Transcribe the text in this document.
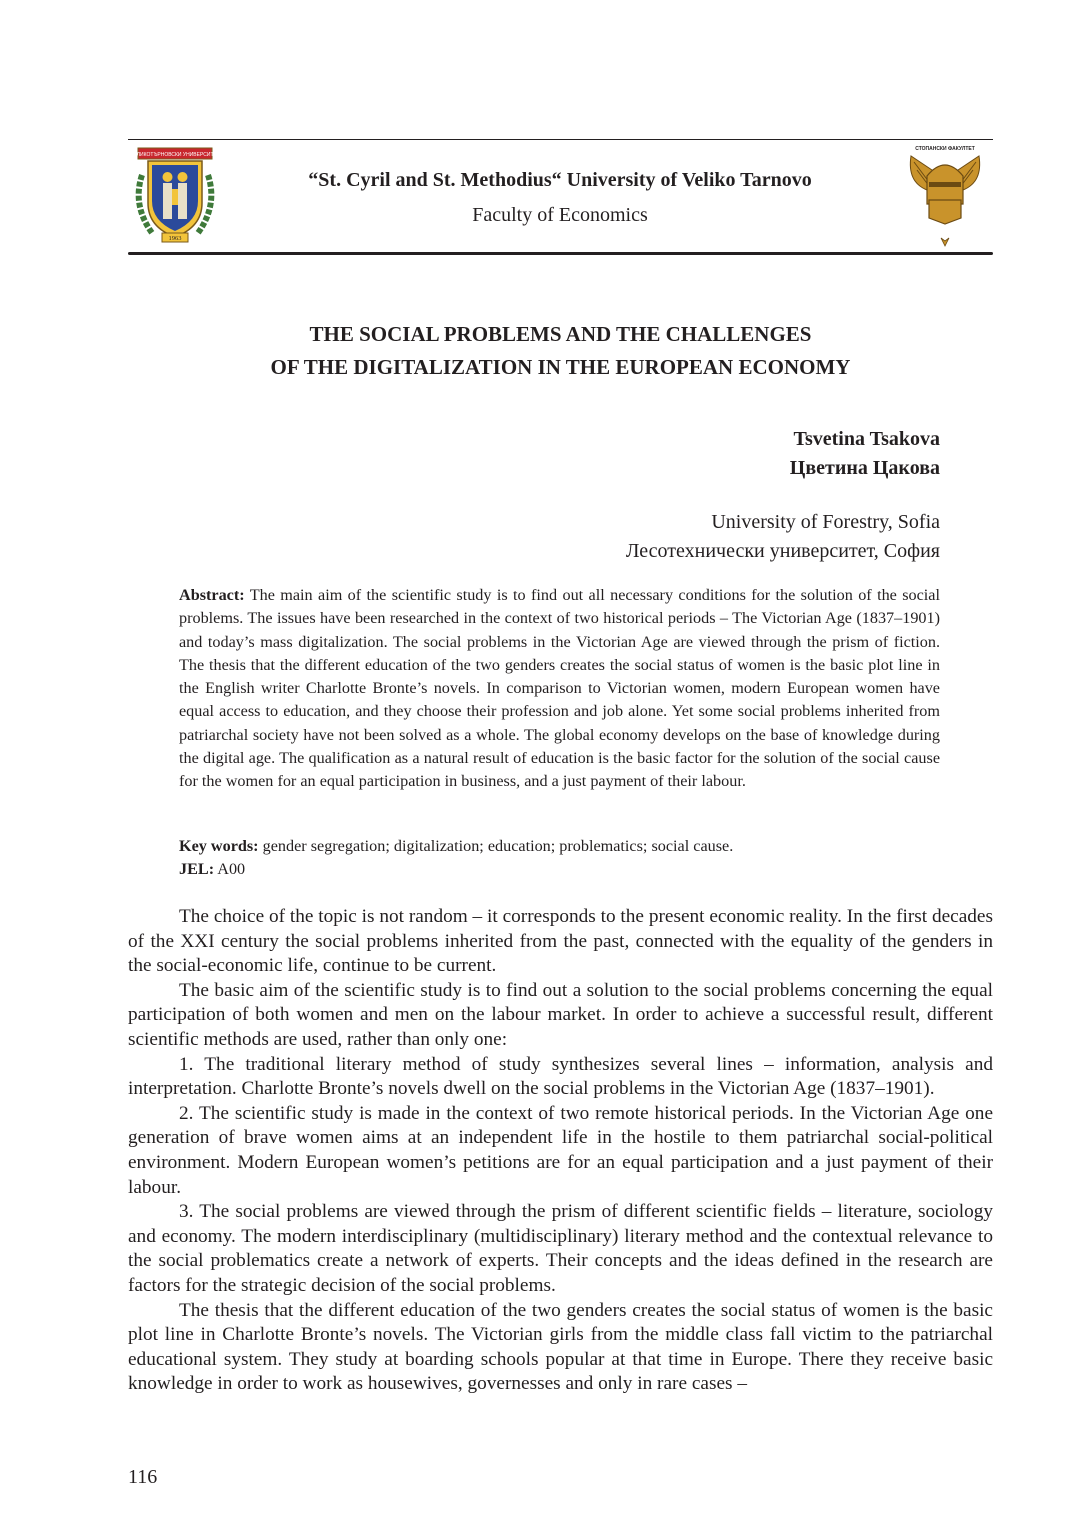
ВЕЛИКОТЪРНОВСКИ УНИВЕРСИТЕТ
1963
“St. Cyril and St. Methodius“ University of Veliko Tarnovo
Faculty of Economics
СТОПАНСКИ ФАКУЛТЕТ
THE SOCIAL PROBLEMS AND THE CHALLENGES
OF THE DIGITALIZATION IN THE EUROPEAN ECONOMY
Tsvetina Tsakova
Цветина Цакова
University of Forestry, Sofia
Лесотехнически университет, София

Abstract: The main aim of the scientific study is to find out all necessary conditions for the solution of the social problems. The issues have been researched in the context of two historical periods – The Victorian Age (1837–1901) and today’s mass digitalization. The social problems in the Victorian Age are viewed through the prism of fiction. The thesis that the different education of the two genders creates the social status of women is the basic plot line in the English writer Charlotte Bronte’s novels. In comparison to Victorian women, modern European women have equal access to education, and they choose their profession and job alone. Yet some social problems inherited from patriarchal society have not been solved as a whole. The global economy develops on the base of knowledge during the digital age. The qualification as a natural result of education is the basic factor for the solution of the social cause for the women for an equal participation in business, and a just payment of their labour.

Key words: gender segregation; digitalization; education; problematics; social cause.
JEL: A00

The choice of the topic is not random – it corresponds to the present economic reality. In the first decades of the XXI century the social problems inherited from the past, connected with the equality of the genders in the social-economic life, continue to be current.

The basic aim of the scientific study is to find out a solution to the social problems concerning the equal participation of both women and men on the labour market. In order to achieve a successful result, different scientific methods are used, rather than only one:

1. The traditional literary method of study synthesizes several lines – information, analysis and interpretation. Charlotte Bronte’s novels dwell on the social problems in the Victorian Age (1837–1901).

2. The scientific study is made in the context of two remote historical periods. In the Victorian Age one generation of brave women aims at an independent life in the hostile to them patriarchal social-political environment. Modern European women’s petitions are for an equal participation and a just payment of their labour.

3. The social problems are viewed through the prism of different scientific fields – literature, sociology and economy. The modern interdisciplinary (multidisciplinary) literary method and the contextual relevance to the social problematics create a network of experts. Their concepts and the ideas defined in the research are factors for the strategic decision of the social problems.

The thesis that the different education of the two genders creates the social status of women is the basic plot line in Charlotte Bronte’s novels. The Victorian girls from the middle class fall victim to the patriarchal educational system. They study at boarding schools popular at that time in Europe. There they receive basic knowledge in order to work as housewives, governesses and only in rare cases –

116
